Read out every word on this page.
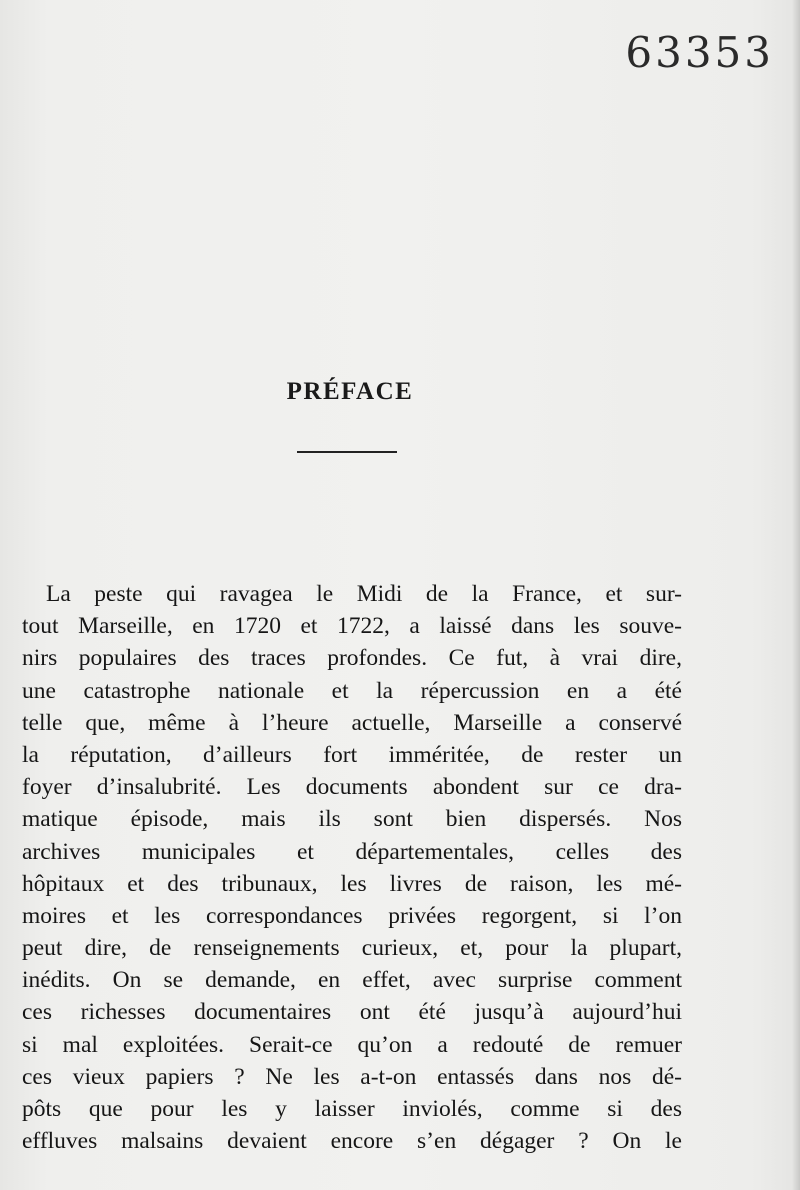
63353
PRÉFACE
La peste qui ravagea le Midi de la France, et sur-
tout Marseille, en 1720 et 1722, a laissé dans les souve-
nirs populaires des traces profondes. Ce fut, à vrai dire,
une catastrophe nationale et la répercussion en a été
telle que, même à l’heure actuelle, Marseille a conservé
la réputation, d’ailleurs fort imméritée, de rester un
foyer d’insalubrité. Les documents abondent sur ce dra-
matique épisode, mais ils sont bien dispersés. Nos
archives municipales et départementales, celles des
hôpitaux et des tribunaux, les livres de raison, les mé-
moires et les correspondances privées regorgent, si l’on
peut dire, de renseignements curieux, et, pour la plupart,
inédits. On se demande, en effet, avec surprise comment
ces richesses documentaires ont été jusqu’à aujourd’hui
si mal exploitées. Serait-ce qu’on a redouté de remuer
ces vieux papiers ? Ne les a-t-on entassés dans nos dé-
pôts que pour les y laisser inviolés, comme si des
effluves malsains devaient encore s’en dégager ? On le
